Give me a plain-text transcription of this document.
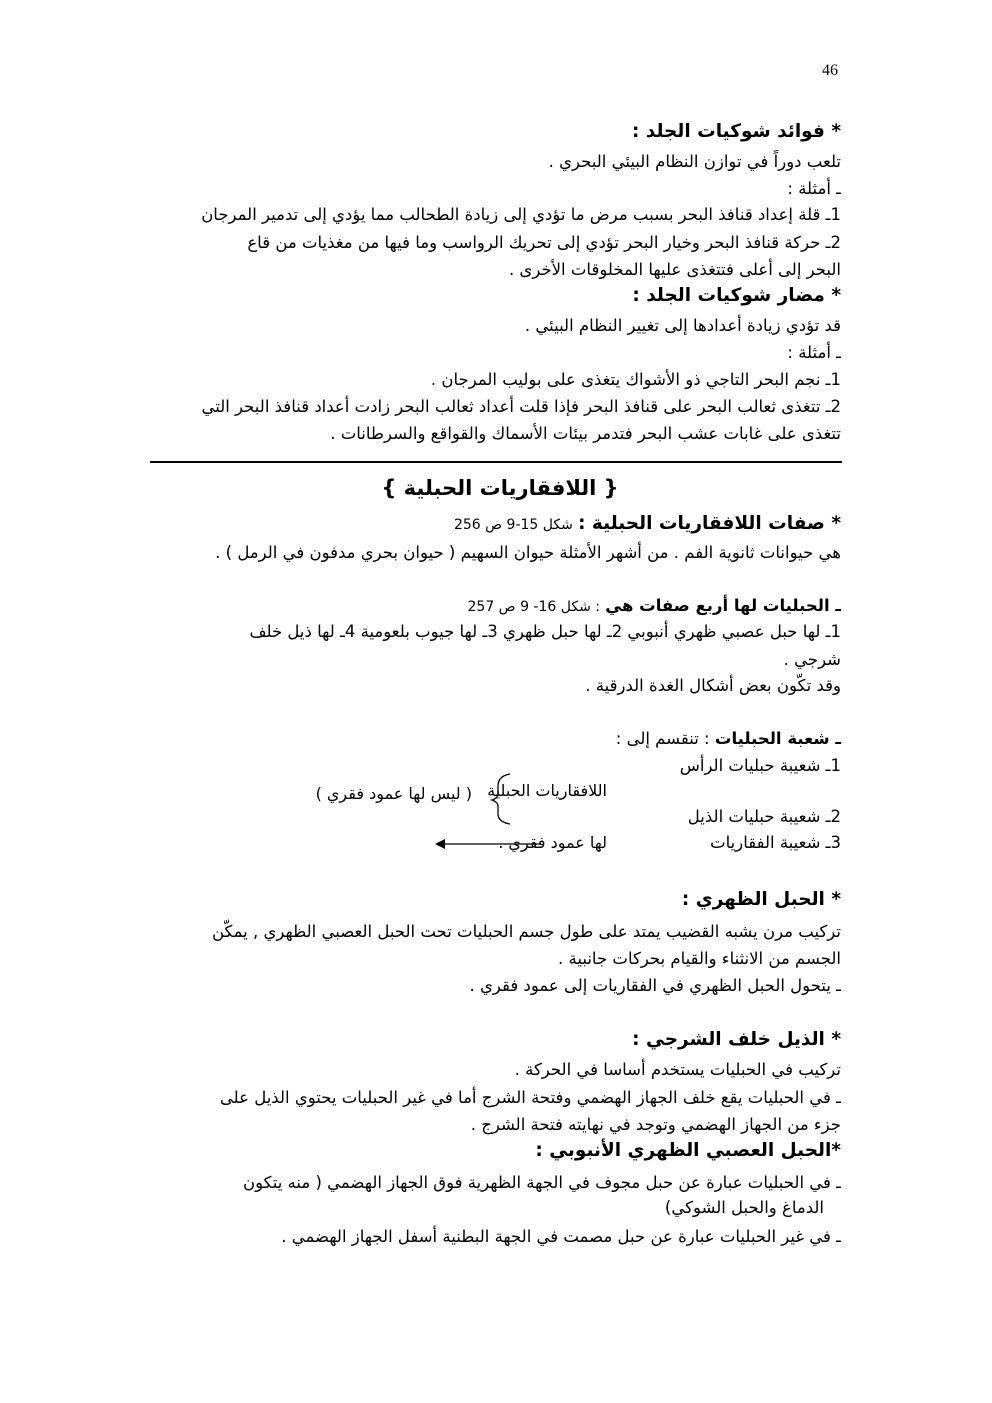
46
* فوائد شوكيات الجلد :
تلعب دوراً في توازن النظام البيئي البحري .
ـ أمثلة :
1ـ قلة إعداد قنافذ البحر بسبب مرض ما تؤدي إلى زيادة الطحالب مما يؤدي إلى تدمير المرجان
2ـ حركة قنافذ البحر وخيار البحر تؤدي إلى تحريك الرواسب وما فيها من مغذيات من قاع
البحر إلى أعلى فتتغذى عليها المخلوقات الأخرى .
* مضار شوكيات الجلد :
قد تؤدي زيادة أعدادها إلى تغيير النظام البيئي .
ـ أمثلة :
1ـ نجم البحر التاجي ذو الأشواك يتغذى على بوليب المرجان .
2ـ تتغذى ثعالب البحر على قنافذ البحر فإذا قلت أعداد ثعالب البحر زادت أعداد قنافذ البحر التي
تتغذى على غابات عشب البحر فتدمر بيئات الأسماك والقواقع والسرطانات .
هي حيوانات ثانوية الفم . من أشهر الأمثلة حيوان السهيم ( حيوان بحري مدفون في الرمل ) .
1ـ لها حبل عصبي ظهري أنبوبي 2ـ لها حبل ظهري 3ـ لها جيوب بلعومية 4ـ لها ذيل خلف
شرجي .
وقد تكّون بعض أشكال الغدة الدرقية .
1ـ شعيبة حبليات الرأس
2ـ شعيبة حبليات الذيل
3ـ شعيبة الفقاريات
* الحبل الظهري :
تركيب مرن يشبه القضيب يمتد على طول جسم الحبليات تحت الحبل العصبي الظهري , يمكّن
الجسم من الانثناء والقيام بحركات جانبية .
ـ يتحول الحبل الظهري في الفقاريات إلى عمود فقري .
* الذيل خلف الشرجي :
تركيب في الحبليات يستخدم أساسا في الحركة .
ـ في الحبليات يقع خلف الجهاز الهضمي وفتحة الشرج أما في غير الحبليات يحتوي الذيل على
جزء من الجهاز الهضمي وتوجد في نهايته فتحة الشرج .
*الحبل العصبي الظهري الأنبوبي :
ـ في الحبليات عبارة عن حبل مجوف في الجهة الظهرية فوق الجهاز الهضمي ( منه يتكون
الدماغ والحبل الشوكي)
ـ في غير الحبليات عبارة عن حبل مصمت في الجهة البطنية أسفل الجهاز الهضمي .
{ اللافقاريات الحبلية }
* صفات اللافقاريات الحبلية : شكل 15-9 ص 256
ـ الحبليات لها أربع صفات هي : شكل 16- 9 ص 257
ـ شعبة الحبليات : تنقسم إلى :
اللافقاريات الحبلية
( ليس لها عمود فقري )
لها عمود فقري .
